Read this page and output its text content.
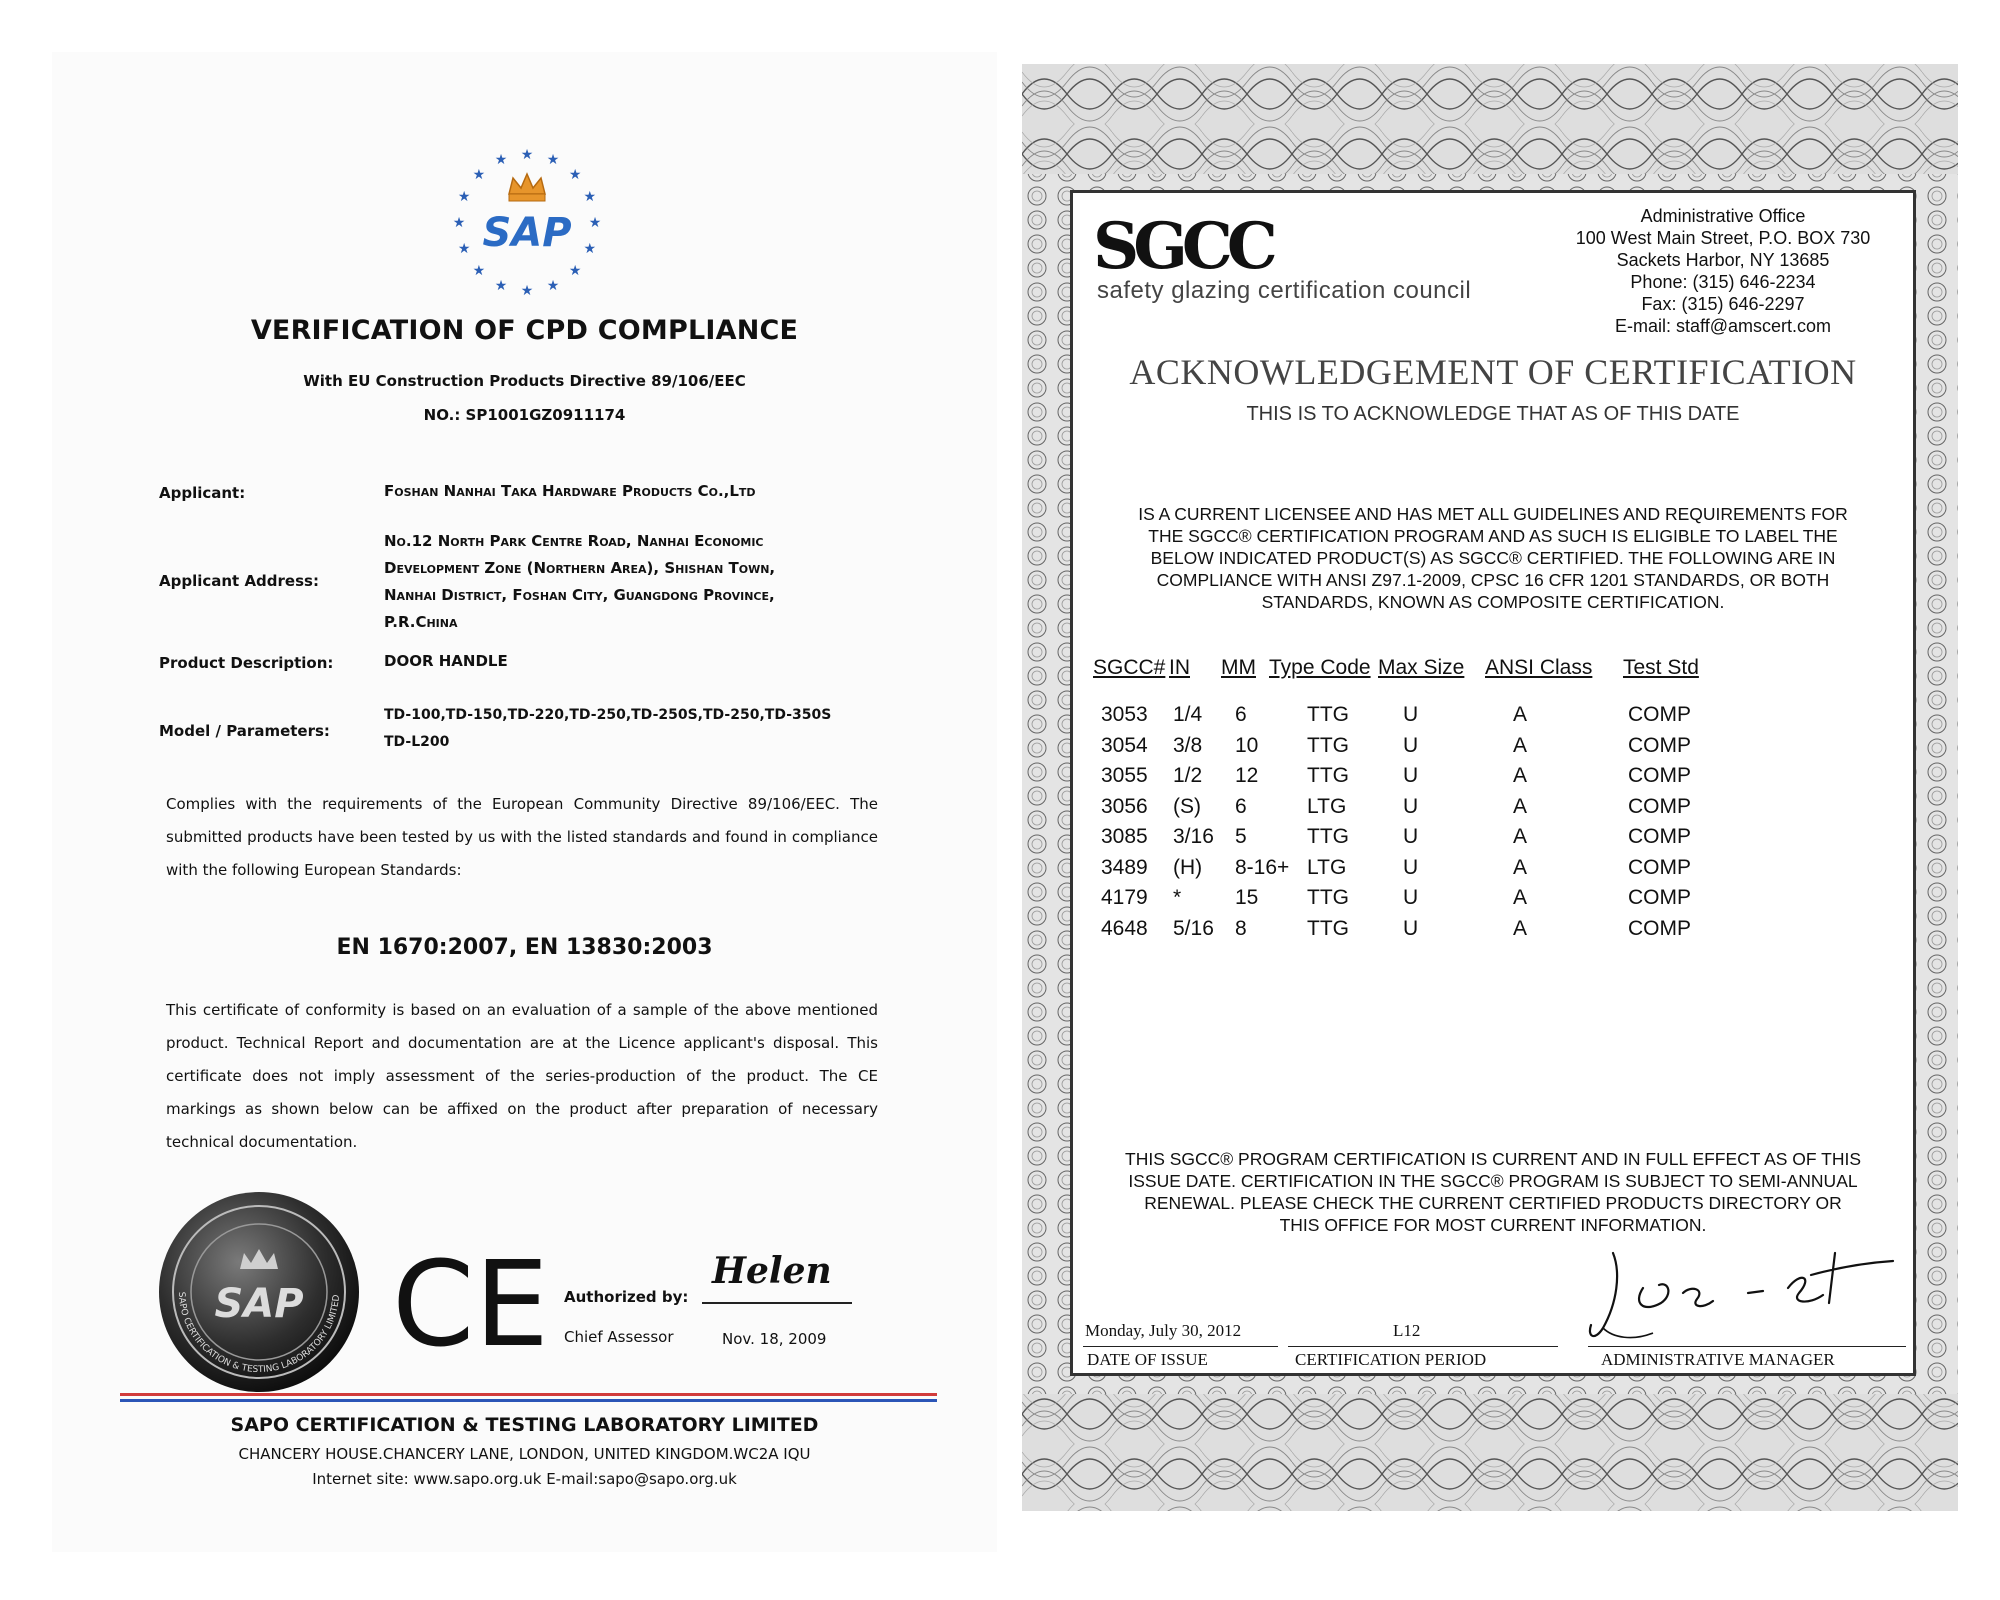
★ ★
★
★
★
★
★
★
★
★
★
★
★
★
★
★
SAP
VERIFICATION OF CPD COMPLIANCE
With EU Construction Products Directive 89/106/EEC
NO.: SP1001GZ0911174
Applicant:	Foshan Nanhai Taka Hardware Products Co.,Ltd
Applicant Address:
No.12 North Park Centre Road, Nanhai Economic
Development Zone (Northern Area), Shishan Town,
Nanhai District, Foshan City, Guangdong Province,
P.R.China
Product Description:	DOOR HANDLE
Model / Parameters:
TD-100,TD-150,TD-220,TD-250,TD-250S,TD-250,TD-350S
TD-L200
Complies with the requirements of the European Community Directive 89/106/EEC. The submitted products have been tested by us with the listed standards and found in compliance with the following European Standards:
EN 1670:2007, EN 13830:2003
This certificate of conformity is based on an evaluation of a sample of the above mentioned product. Technical Report and documentation are at the Licence applicant's disposal. This certificate does not imply assessment of the series-production of the product. The CE markings as shown below can be affixed on the product after preparation of necessary technical documentation.
SAPO CERTIFICATION & TESTING LABORATORY LIMITED
SAP CE Authorized by:
Helen
Chief Assessor	Nov. 18, 2009
SAPO CERTIFICATION & TESTING LABORATORY LIMITED
CHANCERY HOUSE.CHANCERY LANE, LONDON, UNITED KINGDOM.WC2A IQU
Internet site: www.sapo.org.uk E-mail:sapo@sapo.org.uk
SGCC
safety glazing certification council
Administrative Office
100 West Main Street, P.O. BOX 730
Sackets Harbor, NY 13685
Phone: (315) 646-2234
Fax: (315) 646-2297
E-mail: staff@amscert.com
ACKNOWLEDGEMENT OF CERTIFICATION
THIS IS TO ACKNOWLEDGE THAT AS OF THIS DATE
IS A CURRENT LICENSEE AND HAS MET ALL GUIDELINES AND REQUIREMENTS FOR
THE SGCC® CERTIFICATION PROGRAM AND AS SUCH IS ELIGIBLE TO LABEL THE
BELOW INDICATED PRODUCT(S) AS SGCC® CERTIFIED. THE FOLLOWING ARE IN
COMPLIANCE WITH ANSI Z97.1-2009, CPSC 16 CFR 1201 STANDARDS, OR BOTH
STANDARDS, KNOWN AS COMPOSITE CERTIFICATION.
SGCC# IN MM Type Code Max Size ANSI Class Test Std
3053 1/4 6	TTG	U	A	COMP
3054 3/8 10 TTG	U	A	COMP
3055 1/2 12 TTG	U	A	COMP
3056 (S) 6	LTG	U	A	COMP
3085 3/16 5	TTG	U	A	COMP
3489 (H) 8-16+ LTG	U	A	COMP
4179 *	15 TTG	U	A	COMP
4648 5/16 8	TTG	U	A	COMP
THIS SGCC® PROGRAM CERTIFICATION IS CURRENT AND IN FULL EFFECT AS OF THIS
ISSUE DATE. CERTIFICATION IN THE SGCC® PROGRAM IS SUBJECT TO SEMI-ANNUAL
RENEWAL. PLEASE CHECK THE CURRENT CERTIFIED PRODUCTS DIRECTORY OR
THIS OFFICE FOR MOST CURRENT INFORMATION.
Monday, July 30, 2012	L12
DATE OF ISSUE	CERTIFICATION PERIOD	ADMINISTRATIVE MANAGER
